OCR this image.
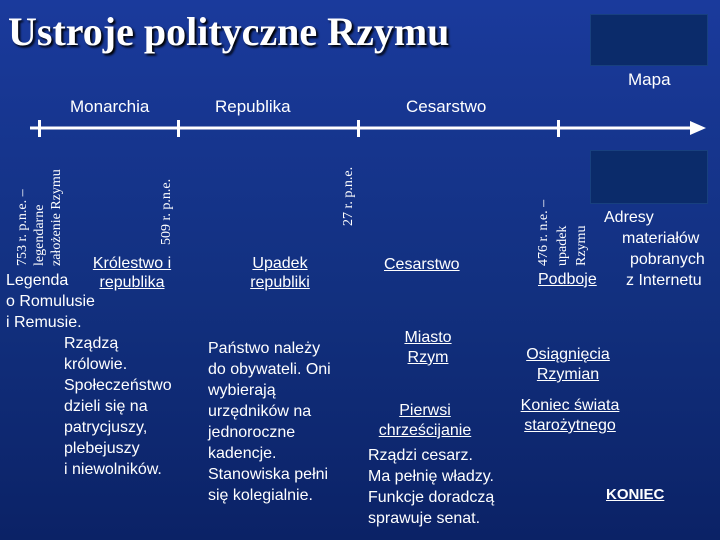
Ustroje polityczne Rzymu
Mapa
Monarchia	Republika	Cesarstwo
753 r. p.n.e. – legendarne założenie Rzymu	509 r. p.n.e.	27 r. p.n.e.
476 r. n.e. – upadek Rzymu
Adresy
materiałów
pobranych
z Internetu
Królestwo i
republika
Upadek
republiki
Cesarstwo
Podboje
Miasto
Rzym	Osiągnięcia
Rzymian
Pierwsi
chrześcijanie
Koniec świata
starożytnego
KONIEC
Legenda
o Romulusie
i Remusie.
Rządzą
królowie.
Społeczeństwo
dzieli się na
patrycjuszy,
plebejuszy
i niewolników.
Państwo należy
do obywateli. Oni
wybierają
urzędników na
jednoroczne
kadencje.
Stanowiska pełni
się kolegialnie.
Rządzi cesarz.
Ma pełnię władzy.
Funkcje doradczą
sprawuje senat.
